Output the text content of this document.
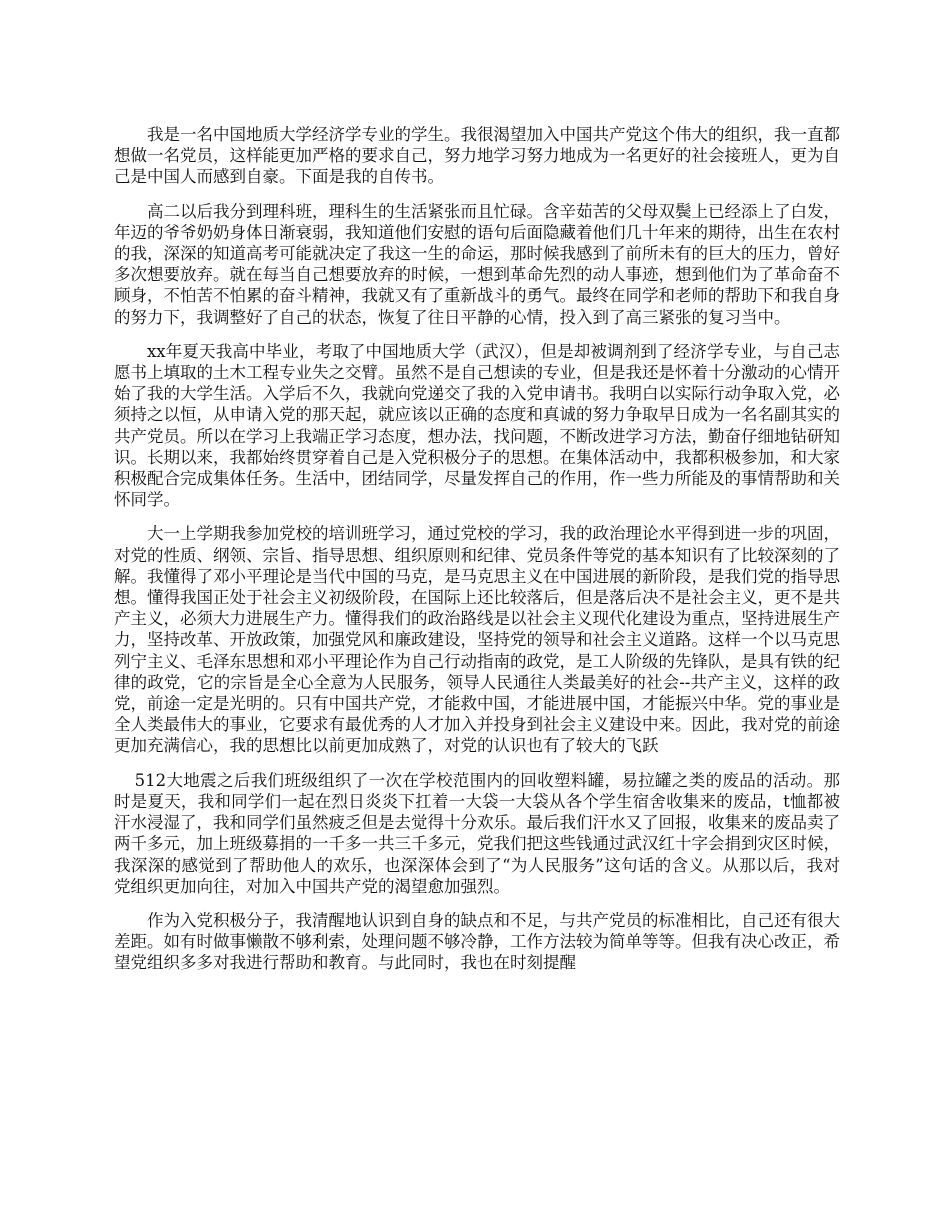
我是一名中国地质大学经济学专业的学生。我很渴望加入中国共产党这个伟大的组织，我一直都想做一名党员，这样能更加严格的要求自己，努力地学习努力地成为一名更好的社会接班人，更为自己是中国人而感到自豪。下面是我的自传书。

高二以后我分到理科班，理科生的生活紧张而且忙碌。含辛茹苦的父母双鬓上已经添上了白发，年迈的爷爷奶奶身体日渐衰弱，我知道他们安慰的语句后面隐藏着他们几十年来的期待，出生在农村的我，深深的知道高考可能就决定了我这一生的命运，那时候我感到了前所未有的巨大的压力，曾好多次想要放弃。就在每当自己想要放弃的时候，一想到革命先烈的动人事迹，想到他们为了革命奋不顾身，不怕苦不怕累的奋斗精神，我就又有了重新战斗的勇气。最终在同学和老师的帮助下和我自身的努力下，我调整好了自己的状态，恢复了往日平静的心情，投入到了高三紧张的复习当中。

xx年夏天我高中毕业，考取了中国地质大学（武汉），但是却被调剂到了经济学专业，与自己志愿书上填取的土木工程专业失之交臂。虽然不是自己想读的专业，但是我还是怀着十分激动的心情开始了我的大学生活。入学后不久，我就向党递交了我的入党申请书。我明白以实际行动争取入党，必须持之以恒，从申请入党的那天起，就应该以正确的态度和真诚的努力争取早日成为一名名副其实的共产党员。所以在学习上我端正学习态度，想办法，找问题，不断改进学习方法，勤奋仔细地钻研知识。长期以来，我都始终贯穿着自己是入党积极分子的思想。在集体活动中，我都积极参加，和大家积极配合完成集体任务。生活中，团结同学，尽量发挥自己的作用，作一些力所能及的事情帮助和关怀同学。

大一上学期我参加党校的培训班学习，通过党校的学习，我的政治理论水平得到进一步的巩固，对党的性质、纲领、宗旨、指导思想、组织原则和纪律、党员条件等党的基本知识有了比较深刻的了解。我懂得了邓小平理论是当代中国的马克，是马克思主义在中国进展的新阶段，是我们党的指导思想。懂得我国正处于社会主义初级阶段，在国际上还比较落后，但是落后决不是社会主义，更不是共产主义，必须大力进展生产力。懂得我们的政治路线是以社会主义现代化建设为重点，坚持进展生产力，坚持改革、开放政策，加强党风和廉政建设，坚持党的领导和社会主义道路。这样一个以马克思列宁主义、毛泽东思想和邓小平理论作为自己行动指南的政党，是工人阶级的先锋队，是具有铁的纪律的政党，它的宗旨是全心全意为人民服务，领导人民通往人类最美好的社会--共产主义，这样的政党，前途一定是光明的。只有中国共产党，才能救中国，才能进展中国，才能振兴中华。党的事业是全人类最伟大的事业，它要求有最优秀的人才加入并投身到社会主义建设中来。因此，我对党的前途更加充满信心，我的思想比以前更加成熟了，对党的认识也有了较大的飞跃

512大地震之后我们班级组织了一次在学校范围内的回收塑料罐，易拉罐之类的废品的活动。那时是夏天，我和同学们一起在烈日炎炎下扛着一大袋一大袋从各个学生宿舍收集来的废品，t恤都被汗水浸湿了，我和同学们虽然疲乏但是去觉得十分欢乐。最后我们汗水又了回报，收集来的废品卖了两千多元，加上班级募捐的一千多一共三千多元，党我们把这些钱通过武汉红十字会捐到灾区时候，我深深的感觉到了帮助他人的欢乐，也深深体会到了“为人民服务”这句话的含义。从那以后，我对党组织更加向往，对加入中国共产党的渴望愈加强烈。

作为入党积极分子，我清醒地认识到自身的缺点和不足，与共产党员的标准相比，自己还有很大差距。如有时做事懒散不够利索，处理问题不够冷静，工作方法较为简单等等。但我有决心改正，希望党组织多多对我进行帮助和教育。与此同时，我也在时刻提醒
